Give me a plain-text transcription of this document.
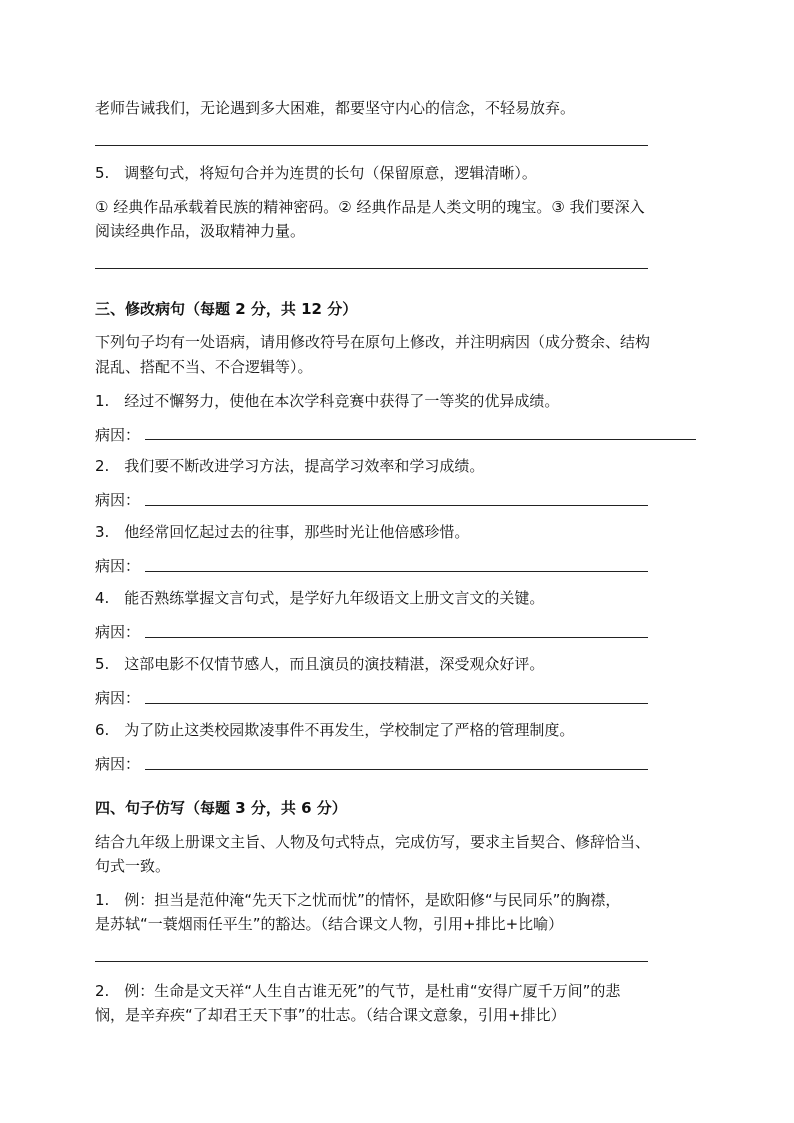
老师告诫我们，无论遇到多大困难，都要坚守内心的信念，不轻易放弃。
5.　调整句式，将短句合并为连贯的长句（保留原意，逻辑清晰）。
① 经典作品承载着民族的精神密码。② 经典作品是人类文明的瑰宝。③ 我们要深入
阅读经典作品，汲取精神力量。
三、修改病句（每题 2 分，共 12 分）
下列句子均有一处语病，请用修改符号在原句上修改，并注明病因（成分赘余、结构
混乱、搭配不当、不合逻辑等）。
1.　经过不懈努力，使他在本次学科竞赛中获得了一等奖的优异成绩。
病因：
2.　我们要不断改进学习方法，提高学习效率和学习成绩。
病因：
3.　他经常回忆起过去的往事，那些时光让他倍感珍惜。
病因：
4.　能否熟练掌握文言句式，是学好九年级语文上册文言文的关键。
病因：
5.　这部电影不仅情节感人，而且演员的演技精湛，深受观众好评。
病因：
6.　为了防止这类校园欺凌事件不再发生，学校制定了严格的管理制度。
病因：
四、句子仿写（每题 3 分，共 6 分）
结合九年级上册课文主旨、人物及句式特点，完成仿写，要求主旨契合、修辞恰当、
句式一致。
1.　例：担当是范仲淹“先天下之忧而忧”的情怀，是欧阳修“与民同乐”的胸襟，
是苏轼“一蓑烟雨任平生”的豁达。（结合课文人物，引用+排比+比喻）
2.　例：生命是文天祥“人生自古谁无死”的气节，是杜甫“安得广厦千万间”的悲
悯，是辛弃疾“了却君王天下事”的壮志。（结合课文意象，引用+排比）
